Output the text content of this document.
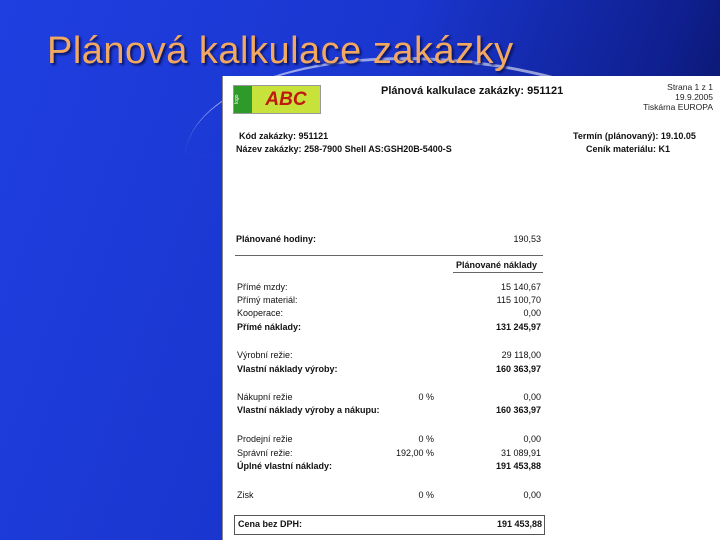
Plánová kalkulace zakázky
logo	ABC	Plánová kalkulace zakázky: 951121	Strana 1 z 1
19.9.2005
Tiskárna EUROPA
Kód zakázky: 951121
Název zakázky: 258-7900 Shell AS:GSH20B-5400-S
Termín (plánovaný): 19.10.05
Ceník materiálu: K1
Plánované hodiny:	190,53
Plánované náklady
Přímé mzdy:	15 140,67
Přímý materiál:	115 100,70
Kooperace:	0,00
Přímé náklady:	131 245,97
Výrobní režie:	29 118,00
Vlastní náklady výroby:	160 363,97
Nákupní režie	0 %	0,00
Vlastní náklady výroby a nákupu:	160 363,97
Prodejní režie	0 %	0,00
Správní režie:	192,00 %	31 089,91
Úplné vlastní náklady:	191 453,88
Zisk	0 %	0,00
Cena bez DPH:	191 453,88
